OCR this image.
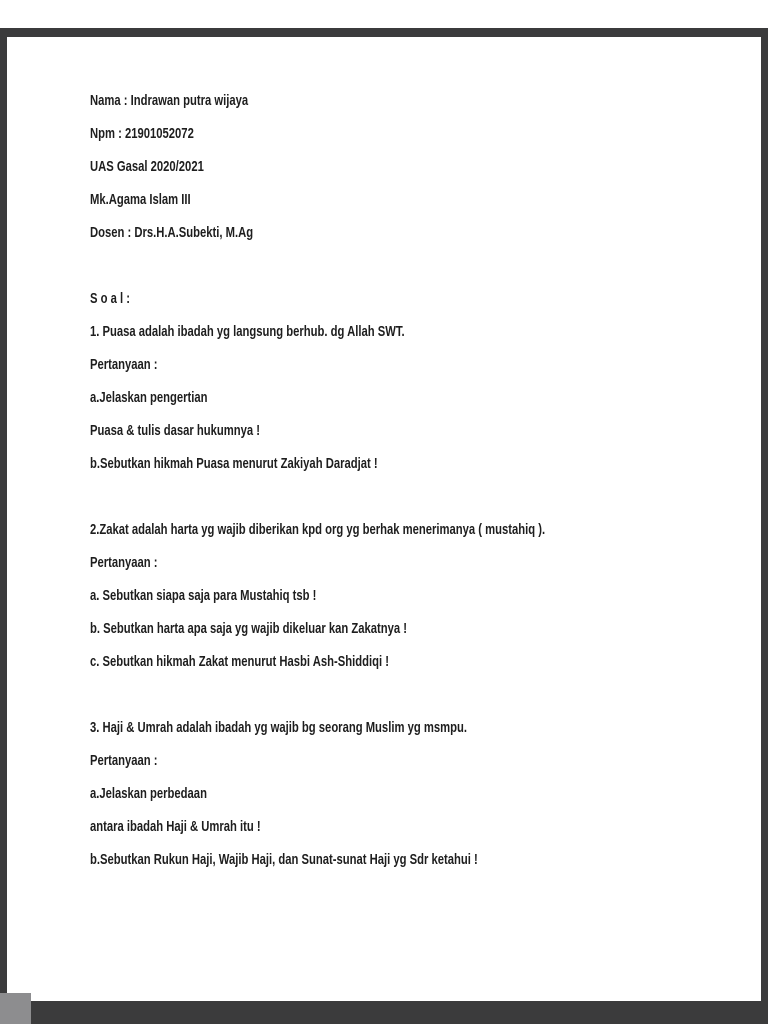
Nama : Indrawan putra wijaya

Npm : 21901052072

UAS Gasal 2020/2021

Mk.Agama Islam III

Dosen : Drs.H.A.Subekti, M.Ag

S o a l :

1. Puasa adalah ibadah yg langsung berhub. dg Allah SWT.

Pertanyaan :

a.Jelaskan pengertian

Puasa & tulis dasar hukumnya !

b.Sebutkan hikmah Puasa menurut Zakiyah Daradjat !

2.Zakat adalah harta yg wajib diberikan kpd org yg berhak menerimanya ( mustahiq ).

Pertanyaan :

a. Sebutkan siapa saja para Mustahiq tsb !

b. Sebutkan harta apa saja yg wajib dikeluar kan Zakatnya !

c. Sebutkan hikmah Zakat menurut Hasbi Ash-Shiddiqi !

3. Haji & Umrah adalah ibadah yg wajib bg seorang Muslim yg msmpu.

Pertanyaan :

a.Jelaskan perbedaan

antara ibadah Haji & Umrah itu !

b.Sebutkan Rukun Haji, Wajib Haji, dan Sunat-sunat Haji yg Sdr ketahui !
